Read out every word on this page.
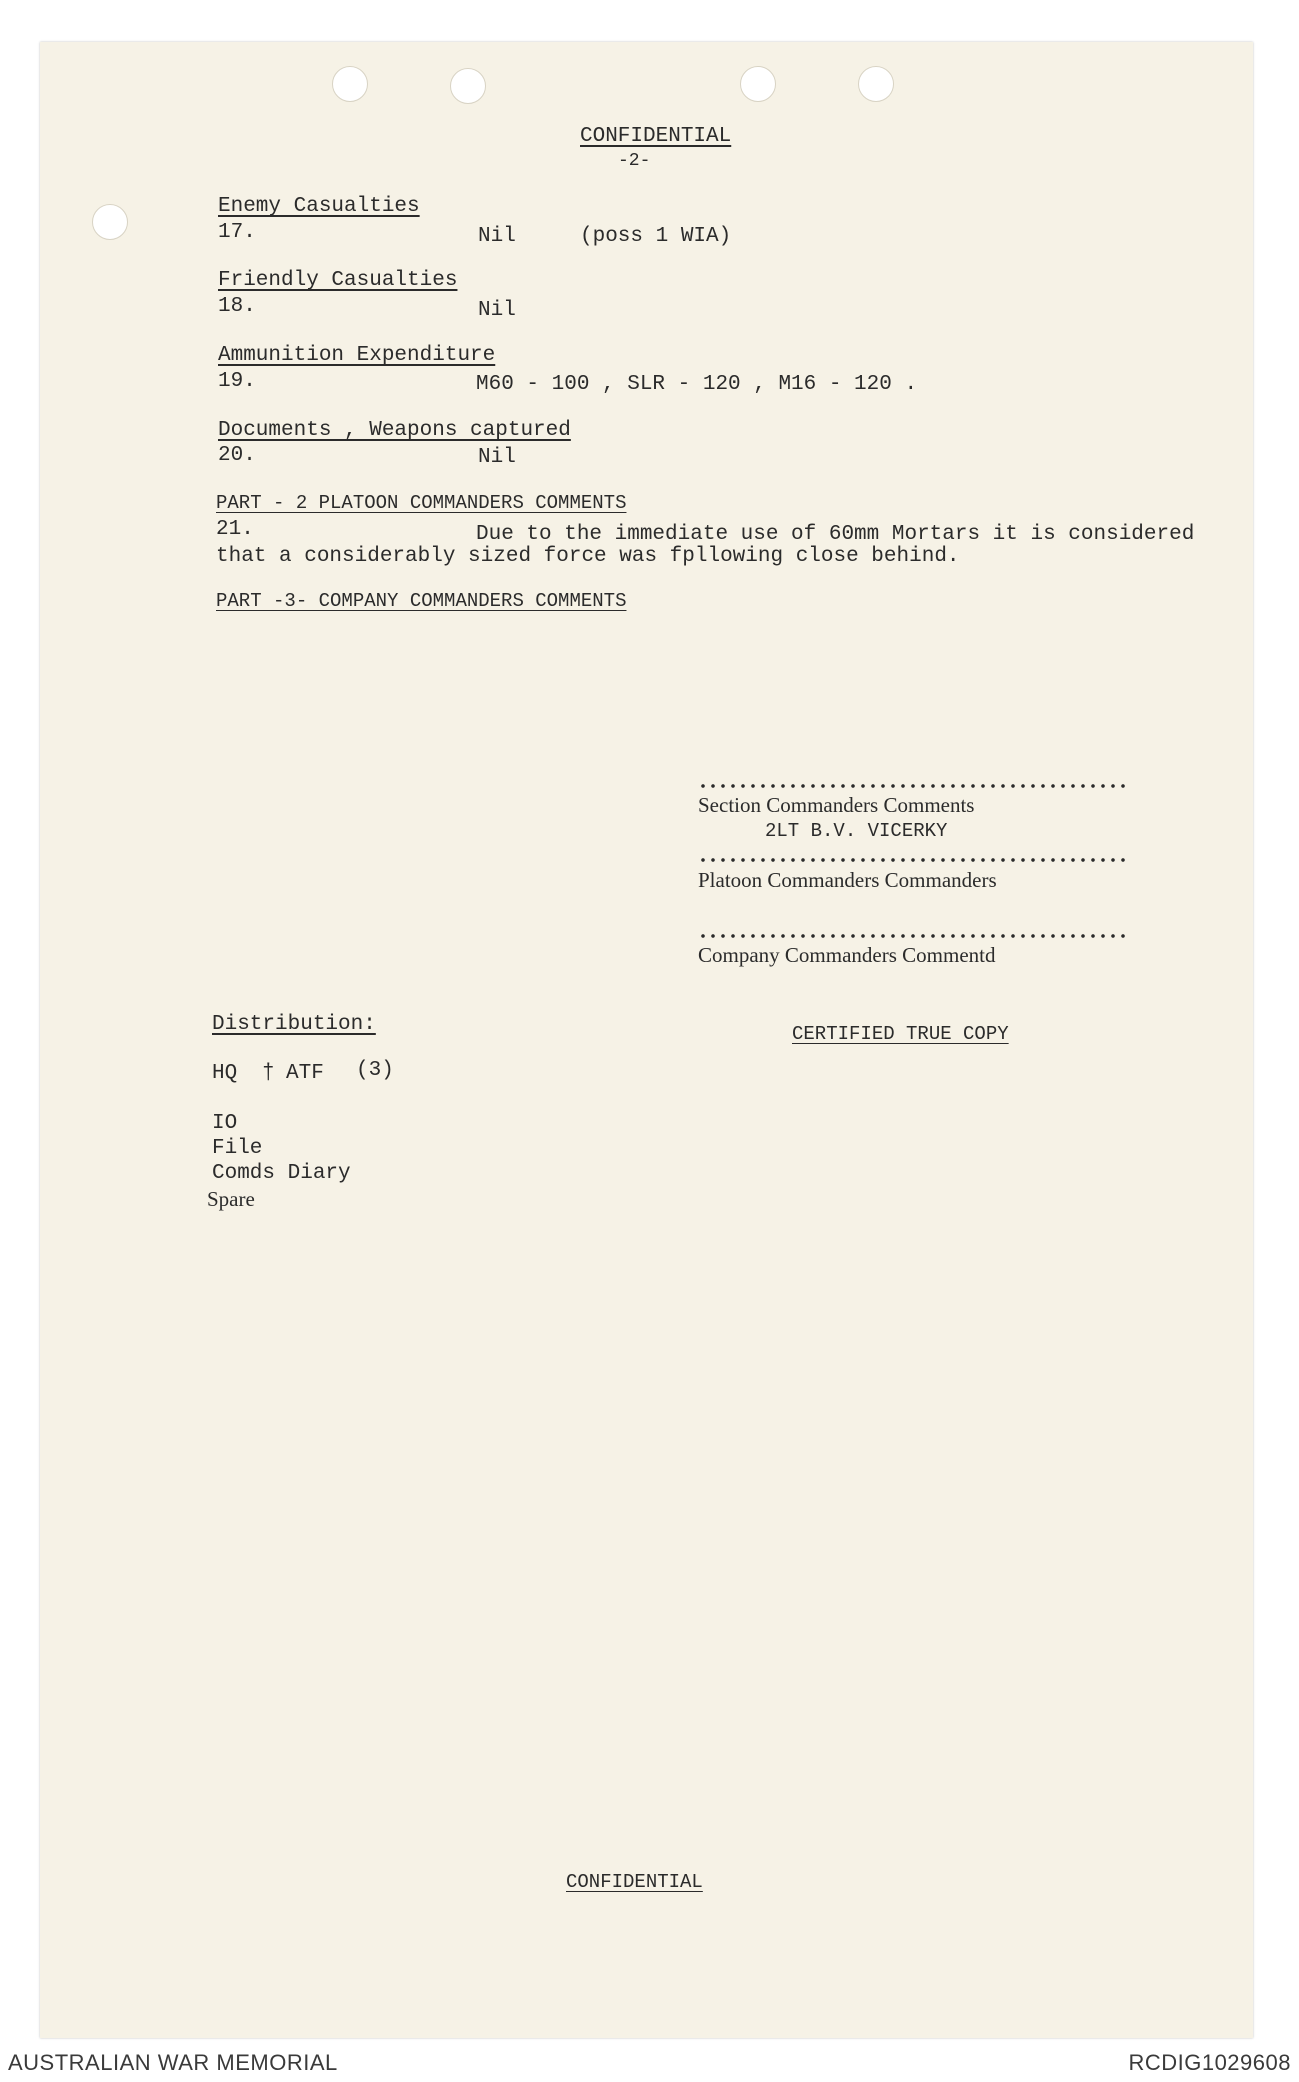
CONFIDENTIAL
-2-
Enemy Casualties
17.	Nil	(poss 1 WIA)
Friendly Casualties
18.	Nil
Ammunition Expenditure
19.	M60 - 100 , SLR - 120 , M16 - 120 .
Documents , Weapons captured
20.	Nil
PART - 2 PLATOON COMMANDERS COMMENTS
21.	Due to the immediate use of 60mm Mortars it is considered
that a considerably sized force was fpllowing close behind.
PART -3- COMPANY COMMANDERS COMMENTS
Section Commanders Comments
2LT B.V. VICERKY
Platoon Commanders Commanders
Company Commanders Commentd
Distribution:
HQ † ATF (3)
IO
File
Comds Diary
Spare
CERTIFIED TRUE COPY
CONFIDENTIAL
AUSTRALIAN WAR MEMORIAL	RCDIG1029608
